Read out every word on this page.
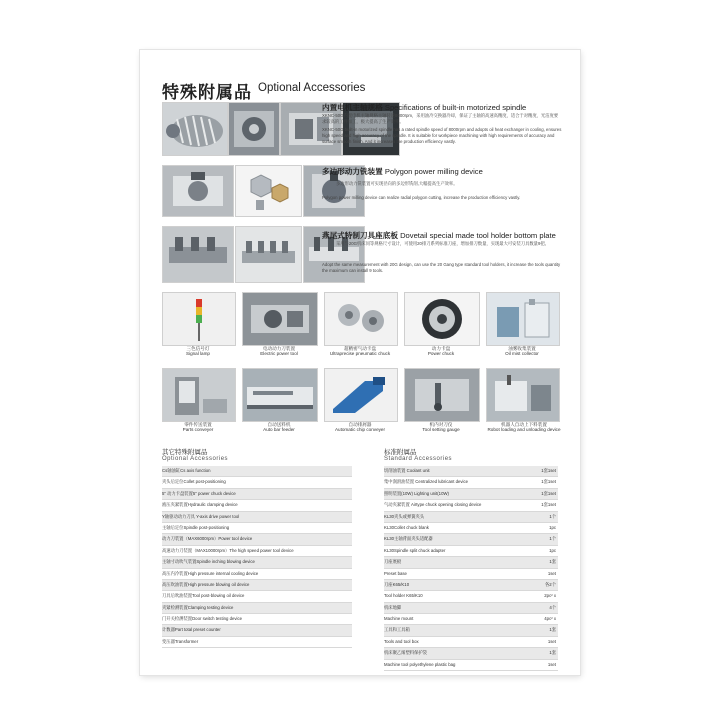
特殊附属品 Optional Accessories
内置电机主轴规格 Specifications of built-in motorized spindle
XKNC-50G内置电机主轴规格主轴转速8000rpm，采用油冷交换器冷却，保证了主轴的高速高精度，适合于对精度、光洁度要求较高的工件加工，极大提高了生产效率。
XKNC-50G built-in motorized spindle has a rated spindle speed of 8000rpm and adopts oil heat exchanger in cooling, ensures high speed and high accuracy of the spindle. It is suitable for workpiece machining with high requirements of accuracy and surface smooth finish. And it increases the production efficiency vastly.
多边形动力铣装置 Polygon power milling device
多边形动力铣装置可实现径向的多边形铣削,大幅提高生产效率。
Polygon power milling device can realize radial polygon cutting, increase the production efficiency vastly.
燕尾式特制刀具座底板 Dovetail special made tool holder bottom plate
采用与20G机床同等规格尺寸设计，可使用20排刀系列标准刀座，增加排刀数量，实现最大可安装刀具数量9把。
Adopt the same measurement with 20G design, can use the 20 Gang type standard tool holders, it increase the tools quantity the maximum can install 9 tools.
三色信号灯
Signal lamp
电动动力刀装置
Electric power tool
超精密气动卡盘
Ultraprecise pneumatic chuck
动力卡盘
Power chuck
油雾收集装置
Oil mist collector
零件传送装置
Parts conveyer
自动送料机
Auto bar feeder
自动排屑器
Automatic chip conveyer
机内对刀仪
Tool setting gauge
机器人自动上下料装置
Robot loading and unloading device
其它特殊附属品
Optional Accessories
Cs轴油缸Cs axis function
夹头后定位Collet post-positioning
5" 动力卡盘装置5" power chuck device
液压夹紧装置Hydraulic clamping device
Y轴驱动动力刀具 Y-axis drive power tool
主轴后定位Spindle post-positioning
动力刀装置（MAX6000rpm）Power tool device
高速动力刀装置（MAX10000rpm）The high speed power tool device
主轴寸动吹气装置Spindle inching blowing device
高压内冷装置High pressure internal cooling device
高压吹油装置High pressure blowing oil device
刀具后吹油装置Tool post-blowing oil device
夹紧检测装置Clamping testing device
门开关检测装置Door switch testing device
计数器Part total preset counter
变压器Transformer
标准附属品
Standard Accessories
切削油装置 Coolant unit	1套1set
集中润滑油装置 Centralized lubricant device	1套1set
照明装置(10W) Lighting unit(10W)	1套1set
气动夹紧装置 Airtype chuck opening closing device	1套1set
KL30夹头或弹簧夹头	1个
KL30Collet chuck blank	1pc
KL30主轴背面夹头适配器	1个
KL30Spindle split chuck adapter	1pc
刀座底板	1套
Preset base	1set
刀座K65/K10	各2个
Tool holder K65/K10	2pc² x
机床地脚	4个
Machine mount	4pc² x
工具和工具箱	1套
Tools and tool box	1set
机床聚乙烯塑料保护袋	1套
Machine tool polyethylene plastic bag	1set
